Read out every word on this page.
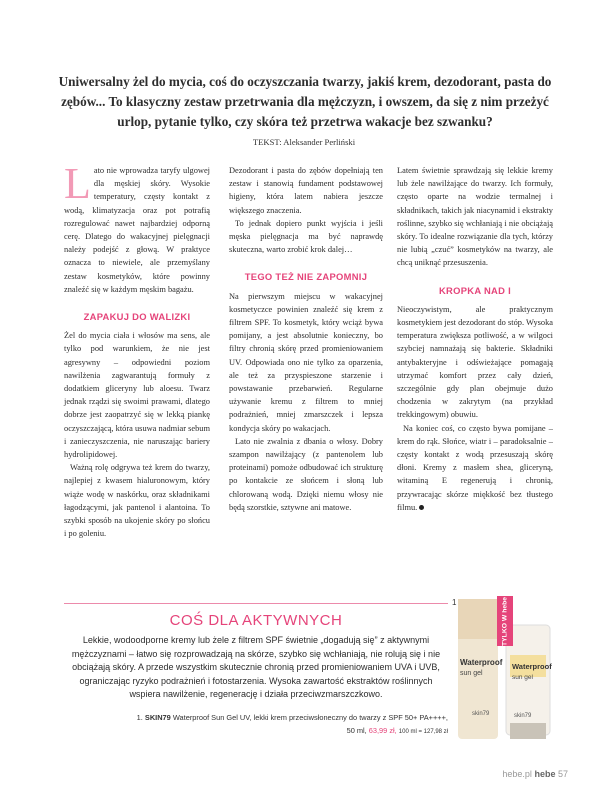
Uniwersalny żel do mycia, coś do oczyszczania twarzy, jakiś krem, dezodorant, pasta do zębów... To klasyczny zestaw przetrwania dla mężczyzn, i owszem, da się z nim przeżyć urlop, pytanie tylko, czy skóra też przetrwa wakacje bez szwanku?
TEKST: Aleksander Perliński

Lato nie wprowadza taryfy ulgowej dla męskiej skóry. Wysokie temperatury, częsty kontakt z wodą, klimatyzacja oraz pot potrafią rozregulować nawet najbardziej odporną cerę. Dlatego do wakacyjnej pielęgnacji należy podejść z głową. W praktyce oznacza to niewiele, ale przemyślany zestaw kosmetyków, które powinny znaleźć się w każdym męskim bagażu.

ZAPAKUJ DO WALIZKI

Żel do mycia ciała i włosów ma sens, ale tylko pod warunkiem, że nie jest agresywny – odpowiedni poziom nawilżenia zagwarantują formuły z dodatkiem gliceryny lub aloesu. Twarz jednak rządzi się swoimi prawami, dlatego dobrze jest zaopatrzyć się w lekką piankę oczyszczającą, która usuwa nadmiar sebum i zanieczyszczenia, nie naruszając bariery hydrolipidowej.

Ważną rolę odgrywa też krem do twarzy, najlepiej z kwasem hialuronowym, który wiąże wodę w naskórku, oraz składnikami łagodzącymi, jak pantenol i alantoina. To szybki sposób na ukojenie skóry po słońcu i po goleniu.

Dezodorant i pasta do zębów dopełniają ten zestaw i stanowią fundament podstawowej higieny, która latem nabiera jeszcze większego znaczenia.

To jednak dopiero punkt wyjścia i jeśli męska pielęgnacja ma być naprawdę skuteczna, warto zrobić krok dalej…

TEGO TEŻ NIE ZAPOMNIJ

Na pierwszym miejscu w wakacyjnej kosmetyczce powinien znaleźć się krem z filtrem SPF. To kosmetyk, który wciąż bywa pomijany, a jest absolutnie konieczny, bo filtry chronią skórę przed promieniowaniem UV. Odpowiada ono nie tylko za oparzenia, ale też za przyspieszone starzenie i powstawanie przebarwień. Regularne używanie kremu z filtrem to mniej podrażnień, mniej zmarszczek i lepsza kondycja skóry po wakacjach.

Lato nie zwalnia z dbania o włosy. Dobry szampon nawilżający (z pantenolem lub proteinami) pomoże odbudować ich strukturę po kontakcie ze słońcem i słoną lub chlorowaną wodą. Dzięki niemu włosy nie będą szorstkie, sztywne ani matowe.

Latem świetnie sprawdzają się lekkie kremy lub żele nawilżające do twarzy. Ich formuły, często oparte na wodzie termalnej i składnikach, takich jak niacynamid i ekstrakty roślinne, szybko się wchłaniają i nie obciążają skóry. To idealne rozwiązanie dla tych, którzy nie lubią „czuć” kosmetyków na twarzy, ale chcą uniknąć przesuszenia.

KROPKA NAD I

Nieoczywistym, ale praktycznym kosmetykiem jest dezodorant do stóp. Wysoka temperatura zwiększa potliwość, a w wilgoci szybciej namnażają się bakterie. Składniki antybakteryjne i odświeżające pomagają utrzymać komfort przez cały dzień, szczególnie gdy plan obejmuje dużo chodzenia w zakrytym (na przykład trekkingowym) obuwiu.

Na koniec coś, co często bywa pomijane – krem do rąk. Słońce, wiatr i – paradoksalnie – częsty kontakt z wodą przesuszają skórę dłoni. Kremy z masłem shea, gliceryną, witaminą E regenerują i chronią, przywracając skórze miękkość bez tłustego filmu.

COŚ DLA AKTYWNYCH
Lekkie, wodoodporne kremy lub żele z filtrem SPF świetnie „dogadują się” z aktywnymi mężczyznami – łatwo się rozprowadzają na skórze, szybko się wchłaniają, nie rolują się i nie obciążają skóry. A przede wszystkim skutecznie chronią przed promieniowaniem UVA i UVB, ograniczając ryzyko podrażnień i fotostarzenia. Wysoka zawartość ekstraktów roślinnych wspiera nawilżenie, regenerację i działa przeciwzmarszczkowo.
1. SKIN79 Waterproof Sun Gel UV, lekki krem przeciwsłoneczny do twarzy z SPF 50+ PA++++,
50 ml, 63,99 zł, 100 ml = 127,98 zł
1
Waterproof
sun gel
Waterproof
sun gel
skin79	skin79
TYLKO W hebe
hebe.pl hebe 57
